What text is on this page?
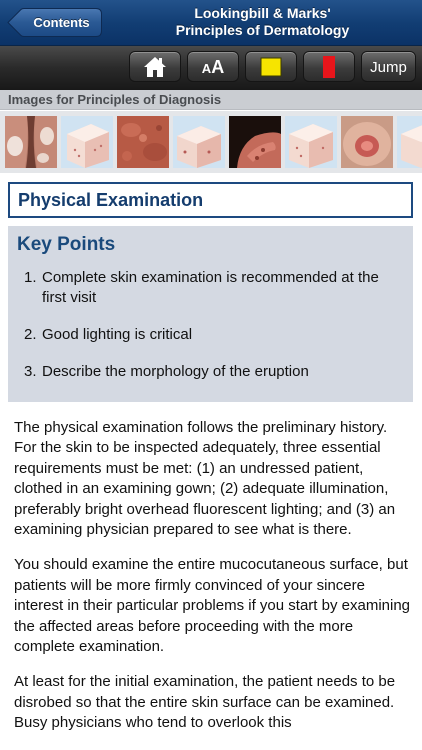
Contents
Lookingbill & Marks'
Principles of Dermatology
AA	Jump
Images for Principles of Diagnosis
Physical Examination
Key Points
1. Complete skin examination is recommended at the first visit
2. Good lighting is critical
3. Describe the morphology of the eruption

The physical examination follows the preliminary history. For the skin to be inspected adequately, three essential requirements must be met: (1) an undressed patient, clothed in an examining gown; (2) adequate illumination, preferably bright overhead fluorescent lighting; and (3) an examining physician prepared to see what is there.

You should examine the entire mucocutaneous surface, but patients will be more firmly convinced of your sincere interest in their particular problems if you start by examining the affected areas before proceeding with the more complete examination.

At least for the initial examination, the patient needs to be disrobed so that the entire skin surface can be examined. Busy physicians who tend to overlook this
